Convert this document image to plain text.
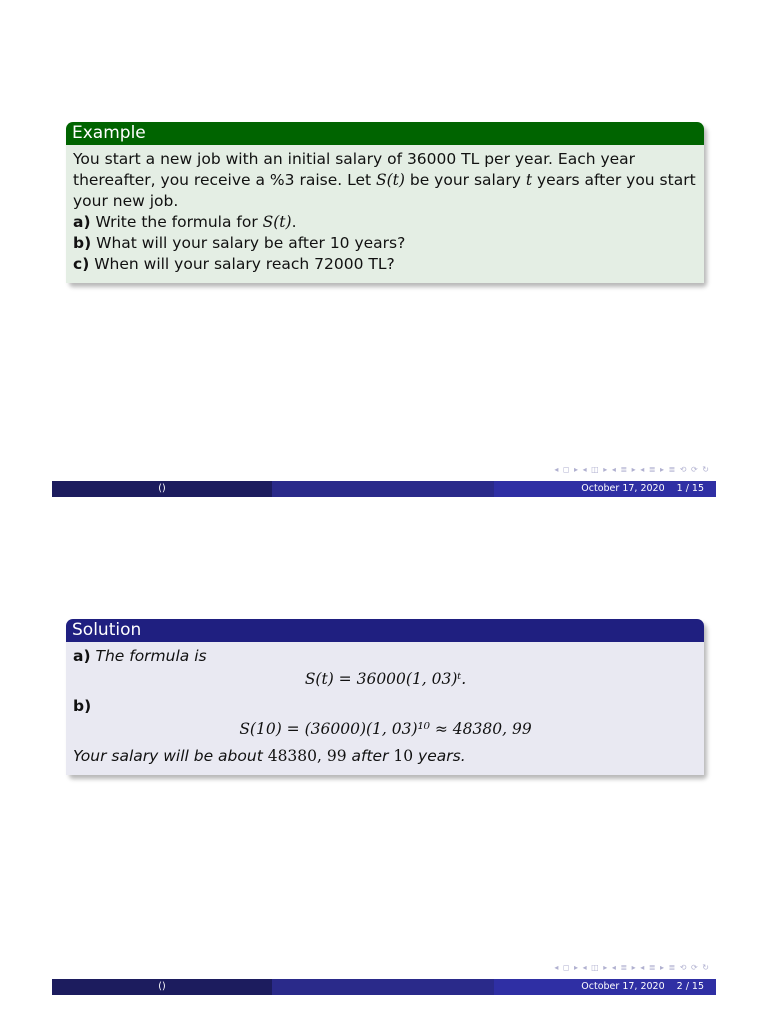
Example
You start a new job with an initial salary of 36000 TL per year. Each year thereafter, you receive a %3 raise. Let S(t) be your salary t years after you start your new job.
a) Write the formula for S(t).
b) What will your salary be after 10 years?
c) When will your salary reach 72000 TL?
◂ ◻ ▸ ◂ ◫ ▸ ◂ ≣ ▸ ◂ ≣ ▸ ≣ ⟲ ⟳ ↻
()	October 17, 2020 1 / 15
Solution
a) The formula is
S(t) = 36000(1, 03)ᵗ.
b)
S(10) = (36000)(1, 03)¹⁰ ≈ 48380, 99
Your salary will be about 48380, 99 after 10 years.
◂ ◻ ▸ ◂ ◫ ▸ ◂ ≣ ▸ ◂ ≣ ▸ ≣ ⟲ ⟳ ↻
()	October 17, 2020 2 / 15
